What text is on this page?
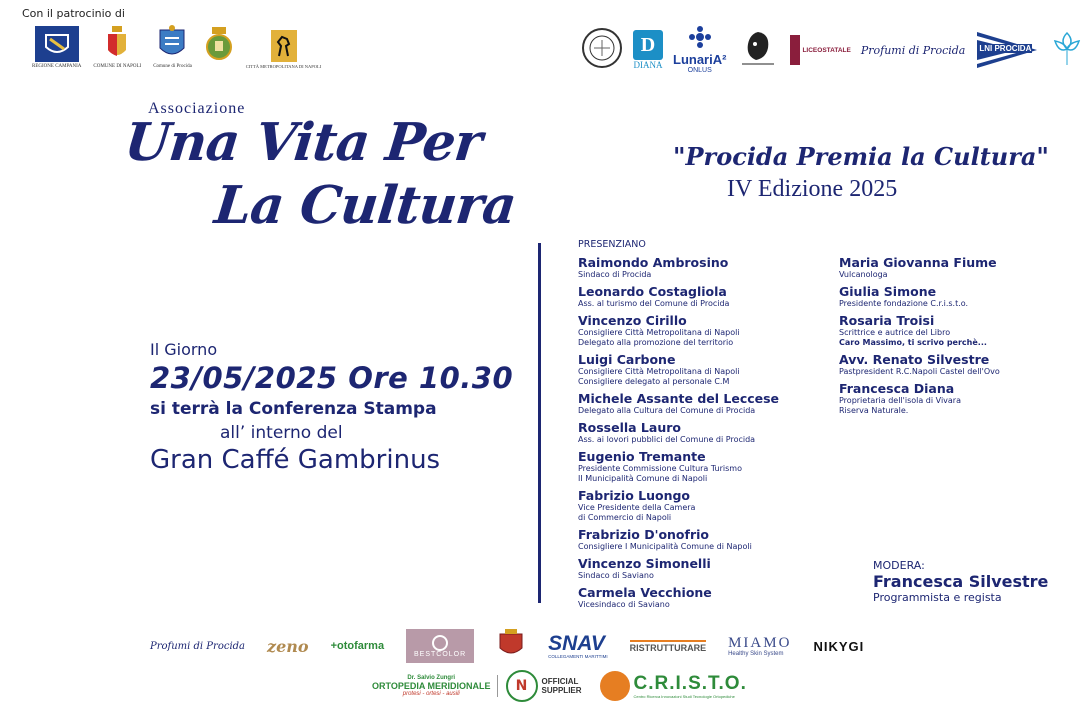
Con il patrocinio di
REGIONE CAMPANIA COMUNE DI NAPOLI Comune di Procida	CITTÀ METROPOLITANA DI NAPOLI
D
DIANA LunariA²
ONLUS
LICEOSTATALE Profumi di Procida LNI PROCIDA
Associazione
Una Vita Per
La Cultura
"Procida Premia la Cultura"
IV Edizione 2025
Il Giorno
23/05/2025 Ore 10.30
si terrà la Conferenza Stampa
all’ interno del
Gran Caffé Gambrinus
PRESENZIANO
Raimondo Ambrosino
Sindaco di Procida
Leonardo Costagliola
Ass. al turismo del Comune di Procida
Vincenzo Cirillo
Consigliere Città Metropolitana di Napoli
Delegato alla promozione del territorio
Luigi Carbone
Consigliere Città Metropolitana di Napoli
Consigliere delegato al personale C.M
Michele Assante del Leccese
Delegato alla Cultura del Comune di Procida
Rossella Lauro
Ass. ai lovori pubblici del Comune di Procida
Eugenio Tremante
Presidente Commissione Cultura Turismo
II Municipalità Comune di Napoli
Fabrizio Luongo
Vice Presidente della Camera
di Commercio di Napoli
Frabrizio D'onofrio
Consigliere I Municipalità Comune di Napoli
Vincenzo Simonelli
Sindaco di Saviano
Carmela Vecchione
Vicesindaco di Saviano
Maria Giovanna Fiume
Vulcanologa
Giulia Simone
Presidente fondazione C.r.i.s.t.o.
Rosaria Troisi
Scrittrice e autrice del Libro
Caro Massimo, ti scrivo perchè...
Avv. Renato Silvestre
Pastpresident R.C.Napoli Castel dell'Ovo
Francesca Diana
Proprietaria dell'isola di Vivara
Riserva Naturale.
MODERA:
Francesca Silvestre
Programmista e regista
Profumi di Procida zeno +otofarma
BESTCOLOR	SNAV
COLLEGAMENTI MARITTIMI
RISTRUTTURARE MIAMO
Healthy Skin System	NIKYGI
Dr. Salvio Zungri
ORTOPEDIA MERIDIONALE
protesi - ortesi - ausili	N OFFICIAL SUPPLIER	C.R.I.S.T.O.
Centro Ricerca Innovazioni Studi Tecnologie Ortopediche
